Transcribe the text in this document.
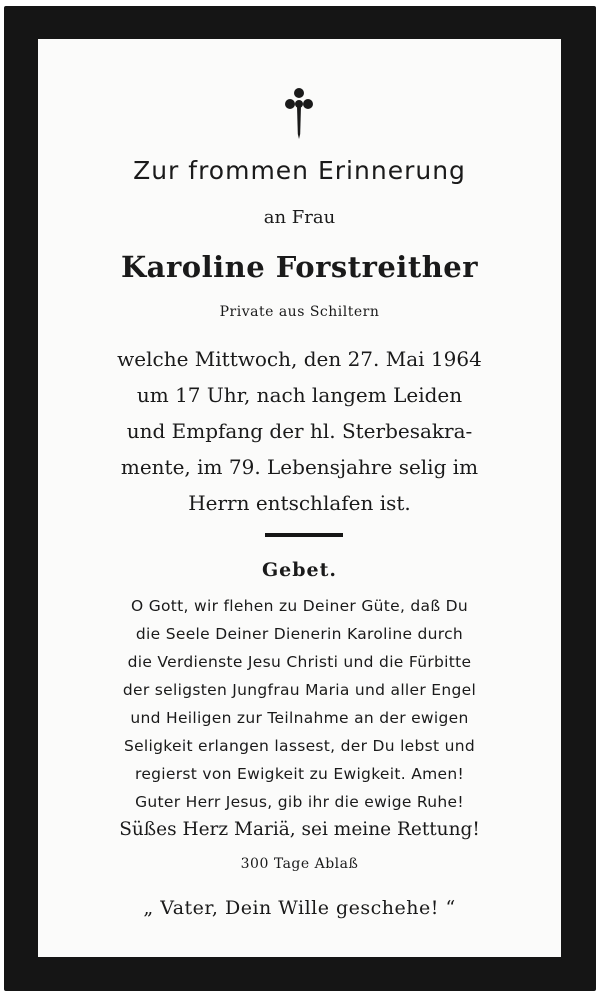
Zur frommen Erinnerung
an Frau
Karoline Forstreither
Private aus Schiltern
welche Mittwoch, den 27. Mai 1964
um 17 Uhr, nach langem Leiden
und Empfang der hl. Sterbesakra-
mente, im 79. Lebensjahre selig im
Herrn entschlafen ist.
Gebet.
O Gott, wir flehen zu Deiner Güte, daß Du
die Seele Deiner Dienerin Karoline durch
die Verdienste Jesu Christi und die Fürbitte
der seligsten Jungfrau Maria und aller Engel
und Heiligen zur Teilnahme an der ewigen
Seligkeit erlangen lassest, der Du lebst und
regierst von Ewigkeit zu Ewigkeit. Amen!
Guter Herr Jesus, gib ihr die ewige Ruhe!
Süßes Herz Mariä, sei meine Rettung!
300 Tage Ablaß
„ Vater, Dein Wille geschehe! “
